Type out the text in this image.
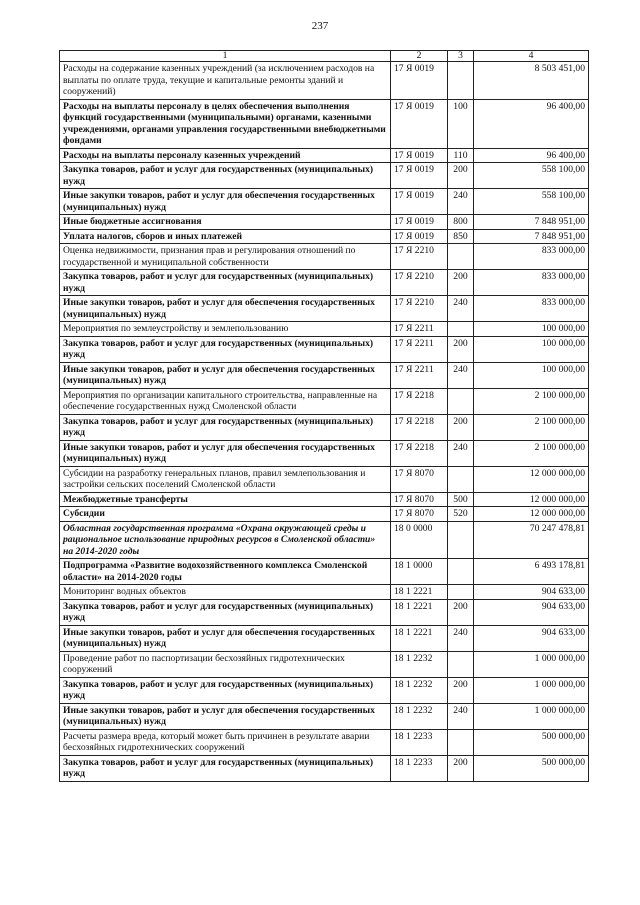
237
1	2	3	4
Расходы на содержание казенных учреждений (за исключением расходов на выплаты по оплате труда, текущие и капитальные ремонты зданий и сооружений)	17 Я 0019		8 503 451,00
Расходы на выплаты персоналу в целях обеспечения выполнения функций государственными (муниципальными) органами, казенными учреждениями, органами управления государственными внебюджетными фондами	17 Я 0019	100	96 400,00
Расходы на выплаты персоналу казенных учреждений	17 Я 0019	110	96 400,00
Закупка товаров, работ и услуг для государственных (муниципальных) нужд	17 Я 0019	200	558 100,00
Иные закупки товаров, работ и услуг для обеспечения государственных (муниципальных) нужд	17 Я 0019	240	558 100,00
Иные бюджетные ассигнования	17 Я 0019	800	7 848 951,00
Уплата налогов, сборов и иных платежей	17 Я 0019	850	7 848 951,00
Оценка недвижимости, признания прав и регулирования отношений по государственной и муниципальной собственности	17 Я 2210		833 000,00
Закупка товаров, работ и услуг для государственных (муниципальных) нужд	17 Я 2210	200	833 000,00
Иные закупки товаров, работ и услуг для обеспечения государственных (муниципальных) нужд	17 Я 2210	240	833 000,00
Мероприятия по землеустройству и землепользованию	17 Я 2211		100 000,00
Закупка товаров, работ и услуг для государственных (муниципальных) нужд	17 Я 2211	200	100 000,00
Иные закупки товаров, работ и услуг для обеспечения государственных (муниципальных) нужд	17 Я 2211	240	100 000,00
Мероприятия по организации капитального строительства, направленные на обеспечение государственных нужд Смоленской области	17 Я 2218		2 100 000,00
Закупка товаров, работ и услуг для государственных (муниципальных) нужд	17 Я 2218	200	2 100 000,00
Иные закупки товаров, работ и услуг для обеспечения государственных (муниципальных) нужд	17 Я 2218	240	2 100 000,00
Субсидии на разработку генеральных планов, правил землепользования и застройки сельских поселений Смоленской области	17 Я 8070		12 000 000,00
Межбюджетные трансферты	17 Я 8070	500	12 000 000,00
Субсидии	17 Я 8070	520	12 000 000,00
Областная государственная программа «Охрана окружающей среды и рациональное использование природных ресурсов в Смоленской области» на 2014-2020 годы	18 0 0000		70 247 478,81
Подпрограмма «Развитие водохозяйственного комплекса Смоленской области» на 2014-2020 годы	18 1 0000		6 493 178,81
Мониторинг водных объектов	18 1 2221		904 633,00
Закупка товаров, работ и услуг для государственных (муниципальных) нужд	18 1 2221	200	904 633,00
Иные закупки товаров, работ и услуг для обеспечения государственных (муниципальных) нужд	18 1 2221	240	904 633,00
Проведение работ по паспортизации бесхозяйных гидротехнических сооружений	18 1 2232		1 000 000,00
Закупка товаров, работ и услуг для государственных (муниципальных) нужд	18 1 2232	200	1 000 000,00
Иные закупки товаров, работ и услуг для обеспечения государственных (муниципальных) нужд	18 1 2232	240	1 000 000,00
Расчеты размера вреда, который может быть причинен в результате аварии бесхозяйных гидротехнических сооружений	18 1 2233		500 000,00
Закупка товаров, работ и услуг для государственных (муниципальных) нужд	18 1 2233	200	500 000,00
